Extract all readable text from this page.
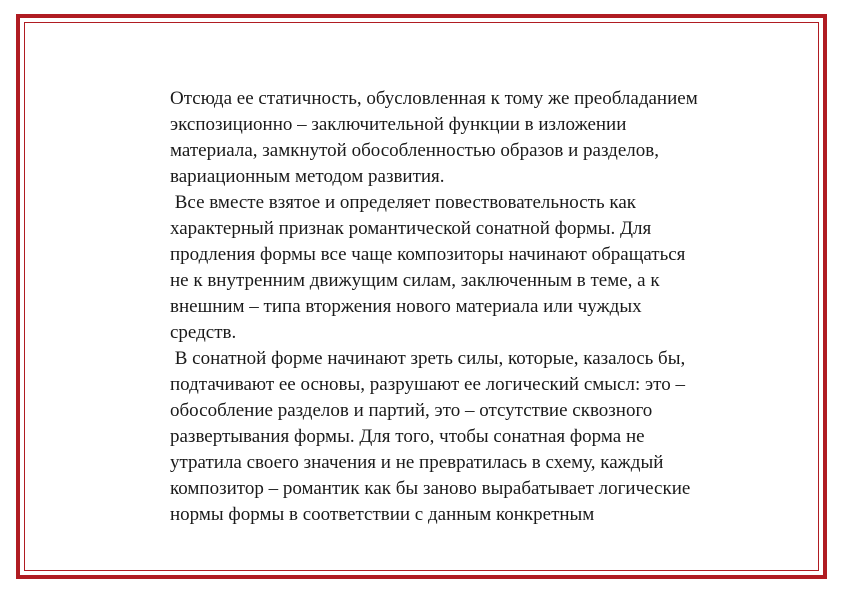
Отсюда ее статичность, обусловленная к тому же преобладанием
экспозиционно – заключительной функции в изложении
материала, замкнутой обособленностью образов и разделов,
вариационным методом развития.
Все вместе взятое и определяет повествовательность как
характерный признак романтической сонатной формы. Для
продления формы все чаще композиторы начинают обращаться
не к внутренним движущим силам, заключенным в теме, а к
внешним – типа вторжения нового материала или чуждых
средств.
В сонатной форме начинают зреть силы, которые, казалось бы,
подтачивают ее основы, разрушают ее логический смысл: это –
обособление разделов и партий, это – отсутствие сквозного
развертывания формы. Для того, чтобы сонатная форма не
утратила своего значения и не превратилась в схему, каждый
композитор – романтик как бы заново вырабатывает логические
нормы формы в соответствии с данным конкретным
